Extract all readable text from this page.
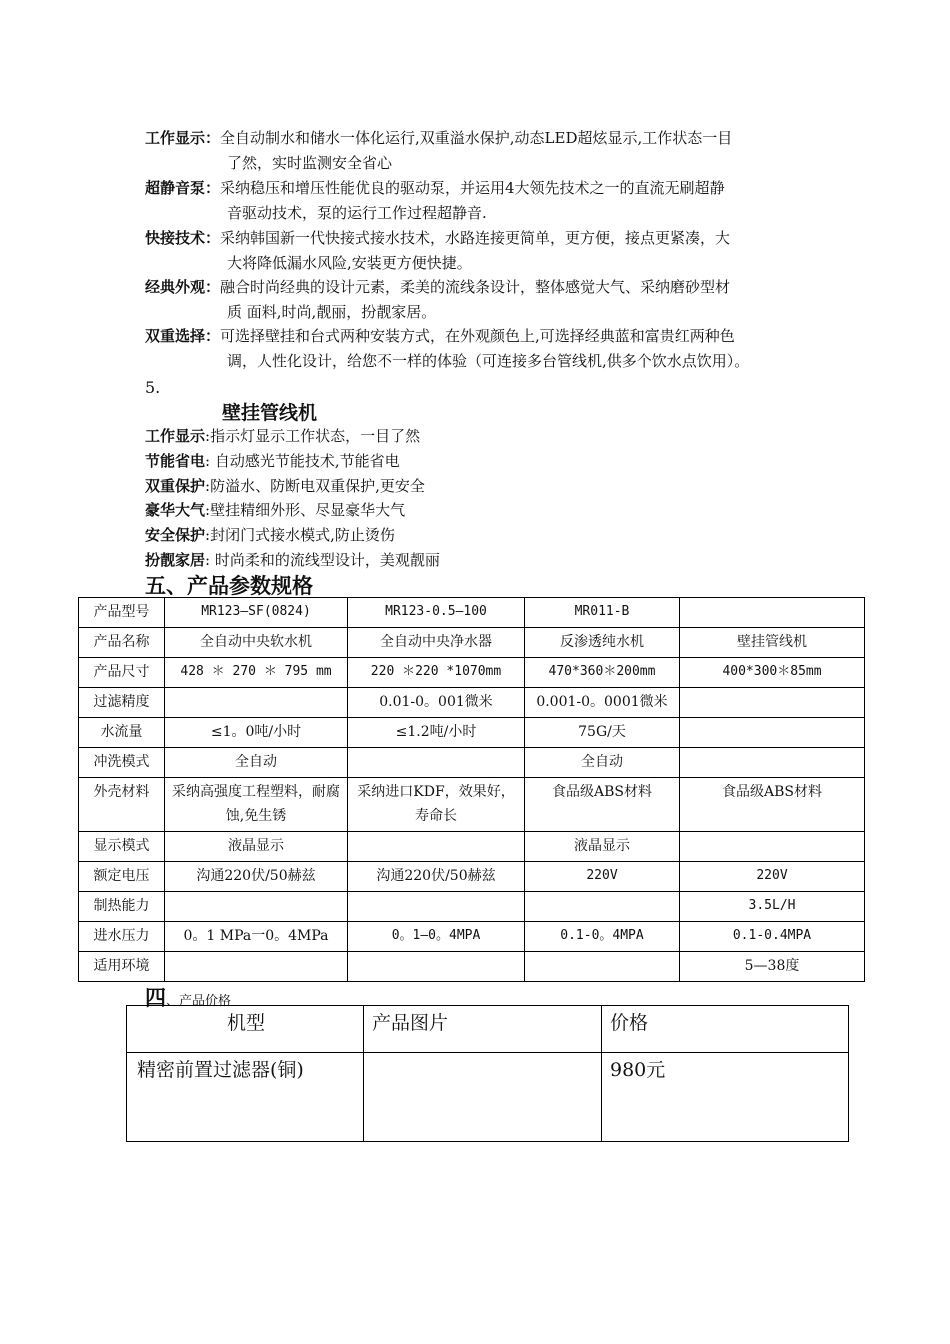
工作显示：全自动制水和储水一体化运行,双重溢水保护,动态LED超炫显示,工作状态一目
了然，实时监测安全省心
超静音泵：采纳稳压和增压性能优良的驱动泵，并运用4大领先技术之一的直流无刷超静
音驱动技术，泵的运行工作过程超静音.
快接技术：采纳韩国新一代快接式接水技术，水路连接更简单，更方便，接点更紧凑，大
大将降低漏水风险,安装更方便快捷。
经典外观：融合时尚经典的设计元素，柔美的流线条设计，整体感觉大气、采纳磨砂型材
质 面料,时尚,靓丽，扮靓家居。
双重选择：可选择壁挂和台式两种安装方式，在外观颜色上,可选择经典蓝和富贵红两种色
调，人性化设计，给您不一样的体验（可连接多台管线机,供多个饮水点饮用）。
5.
壁挂管线机
工作显示:指示灯显示工作状态，一目了然
节能省电: 自动感光节能技术,节能省电
双重保护:防溢水、防断电双重保护,更安全
豪华大气:壁挂精细外形、尽显豪华大气
安全保护:封闭门式接水模式,防止烫伤
扮靓家居: 时尚柔和的流线型设计，美观靓丽
五、产品参数规格
产品型号	MR123—SF(0824)	MR123-0.5—100	MR011-B	
产品名称	全自动中央软水机	全自动中央净水器	反渗透纯水机	壁挂管线机
产品尺寸	428 ＊ 270 ＊ 795 mm	220 ＊220 *1070mm	470*360＊200mm	400*300＊85mm
过滤精度		0.01-0。001微米	0.001-0。0001微米	
水流量	≤1。0吨/小时	≤1.2吨/小时	75G/天	
冲洗模式	全自动		全自动	
外壳材料	采纳高强度工程塑料，耐腐蚀,免生锈	采纳进口KDF，效果好，寿命长	食品级ABS材料	食品级ABS材料
显示模式	液晶显示		液晶显示	
额定电压	沟通220伏/50赫兹	沟通220伏/50赫兹	220V	220V
制热能力				3.5L/H
进水压力	0。1 MPa一0。4MPa	0。1—0。4MPA	0.1-0。4MPA	0.1-0.4MPA
适用环境				5—38度
四、产品价格
机型	产品图片	价格
精密前置过滤器(铜)		980元
